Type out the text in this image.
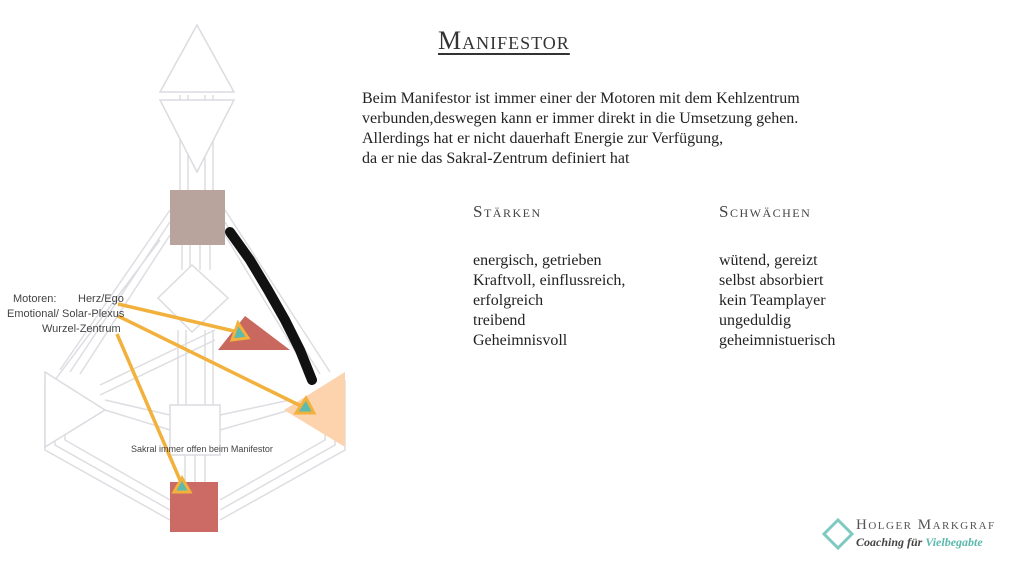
Motoren: Herz/Ego
Emotional/ Solar-Plexus
Wurzel-Zentrum
Sakral immer offen beim Manifestor
Manifestor
Beim Manifestor ist immer einer der Motoren mit dem Kehlzentrum
verbunden,deswegen kann er immer direkt in die Umsetzung gehen.
Allerdings hat er nicht dauerhaft Energie zur Verfügung,
da er nie das Sakral-Zentrum definiert hat
Stärken
energisch, getrieben
Kraftvoll, einflussreich,
erfolgreich
treibend
Geheimnisvoll
Schwächen
wütend, gereizt
selbst absorbiert
kein Teamplayer
ungeduldig
geheimnistuerisch
Holger Markgraf
Coaching für Vielbegabte
